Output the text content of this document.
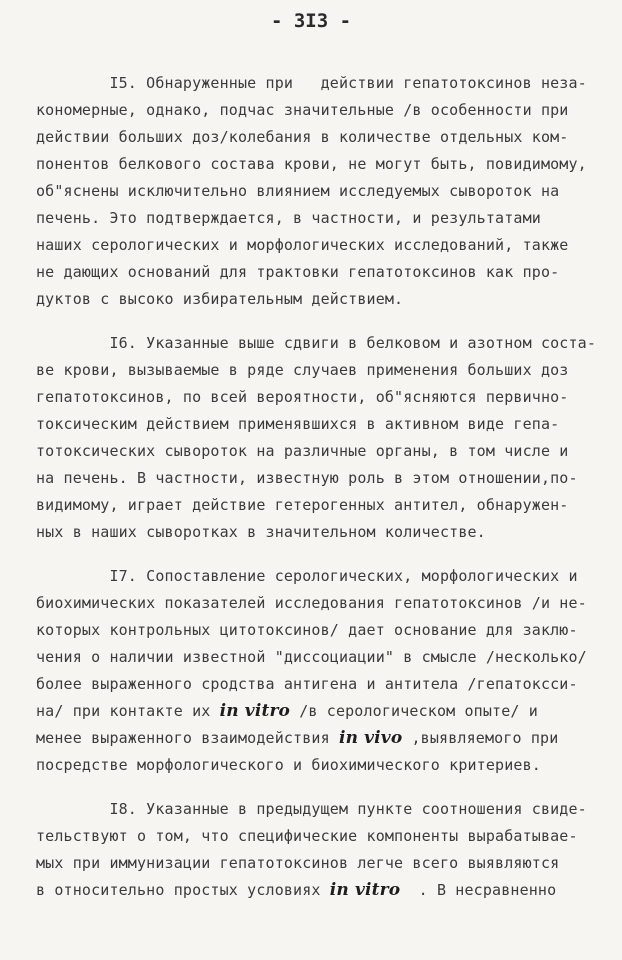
- 3I3 -
I5. Обнаруженные при   действии гепатотоксинов неза-
кономерные, однако, подчас значительные /в особенности при
действии больших доз/колебания в количестве отдельных ком-
понентов белкового состава крови, не могут быть, повидимому,
об"яснены исключительно влиянием исследуемых сывороток на
печень. Это подтверждается, в частности, и результатами
наших серологических и морфологических исследований, также
не дающих оснований для трактовки гепатотоксинов как про-
дуктов с высоко избирательным действием.
I6. Указанные выше сдвиги в белковом и азотном соста-
ве крови, вызываемые в ряде случаев применения больших доз
гепатотоксинов, по всей вероятности, об"ясняются первично-
токсическим действием применявшихся в активном виде гепа-
тотоксических сывороток на различные органы, в том числе и
на печень. В частности, известную роль в этом отношении,по-
видимому, играет действие гетерогенных антител, обнаружен-
ных в наших сыворотках в значительном количестве.
I7. Сопоставление серологических, морфологических и
биохимических показателей исследования гепатотоксинов /и не-
которых контрольных цитотоксинов/ дает основание для заклю-
чения о наличии известной "диссоциации" в смысле /несколько/
более выраженного сродства антигена и антитела /гепатоксси-
на/ при контакте их in vitro /в серологическом опыте/ и
менее выраженного взаимодействия in vivo ,выявляемого при
посредстве морфологического и биохимического критериев.
I8. Указанные в предыдущем пункте соотношения свиде-
тельствуют о том, что специфические компоненты вырабатывае-
мых при иммунизации гепатотоксинов легче всего выявляются
в относительно простых условиях in vitro  . В несравненно
